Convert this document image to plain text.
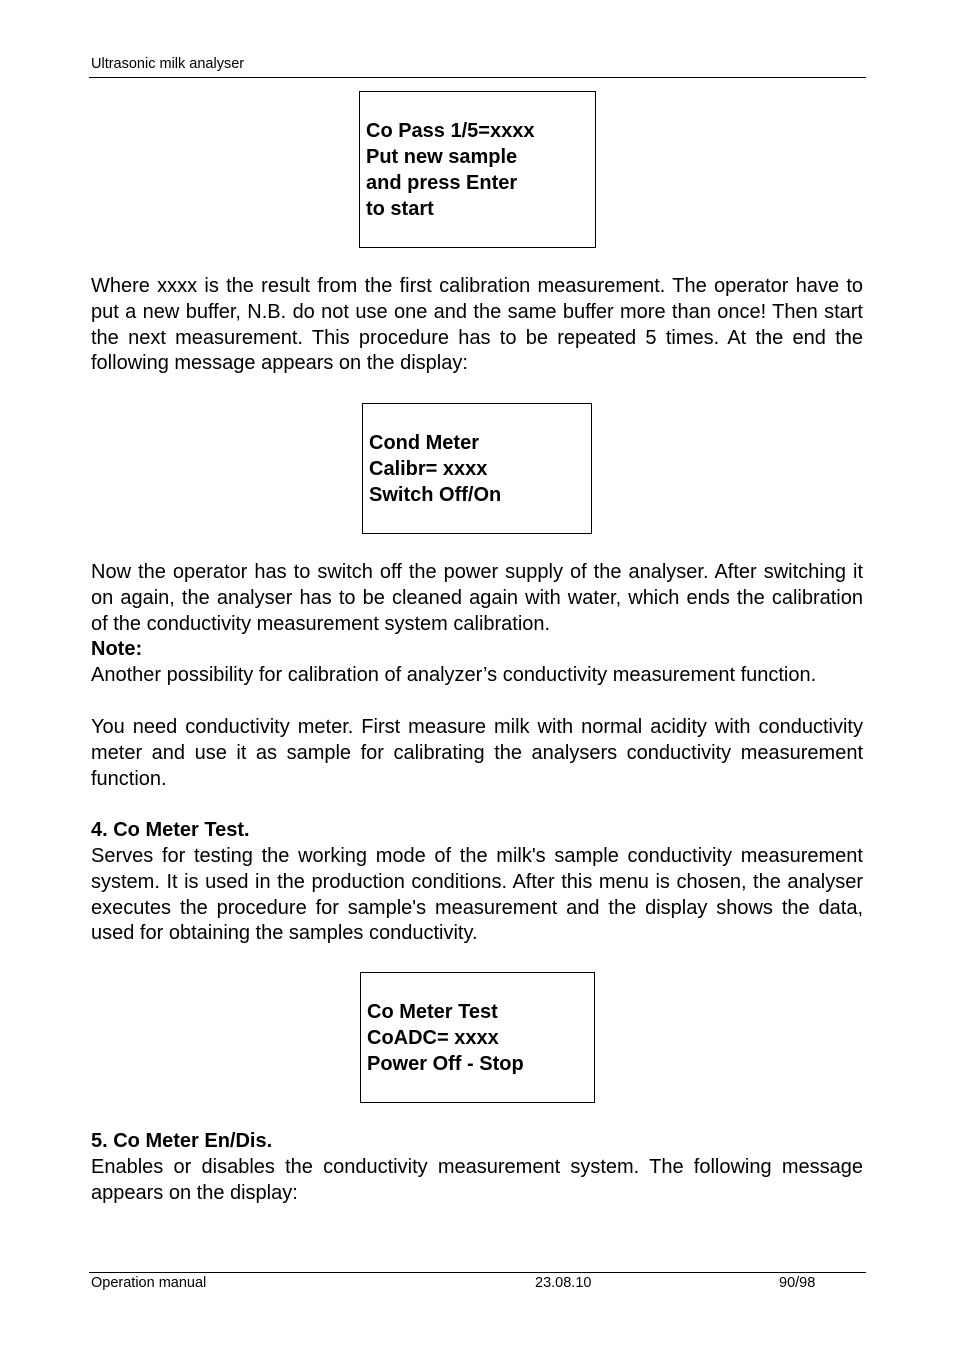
Ultrasonic milk analyser
Co Pass 1/5=xxxx
Put new sample
and press Enter
to start

Where xxxx is the result from the first calibration measurement. The operator have to put a new buffer, N.B. do not use one and the same buffer more than once! Then start the next measurement. This procedure has to be repeated 5 times. At the end the following message appears on the display:

Cond Meter
Calibr= xxxx
Switch Off/On

Now the operator has to switch off the power supply of the analyser. After switching it on again, the analyser has to be cleaned again with water, which ends the calibration of the conductivity measurement system calibration.

Note:

Another possibility for calibration of analyzer’s conductivity measurement function.

You need conductivity meter. First measure milk with normal acidity with conductivity meter and use it as sample for calibrating the analysers conductivity measurement function.

4. Co Meter Test.

Serves for testing the working mode of the milk's sample conductivity measurement system. It is used in the production conditions. After this menu is chosen, the analyser executes the procedure for sample's measurement and the display shows the data, used for obtaining the samples conductivity.

Co Meter Test
CoADC= xxxx
Power Off - Stop

5. Co Meter En/Dis.

Enables or disables the conductivity measurement system. The following message appears on the display:

Operation manual	23.08.10	90/98
